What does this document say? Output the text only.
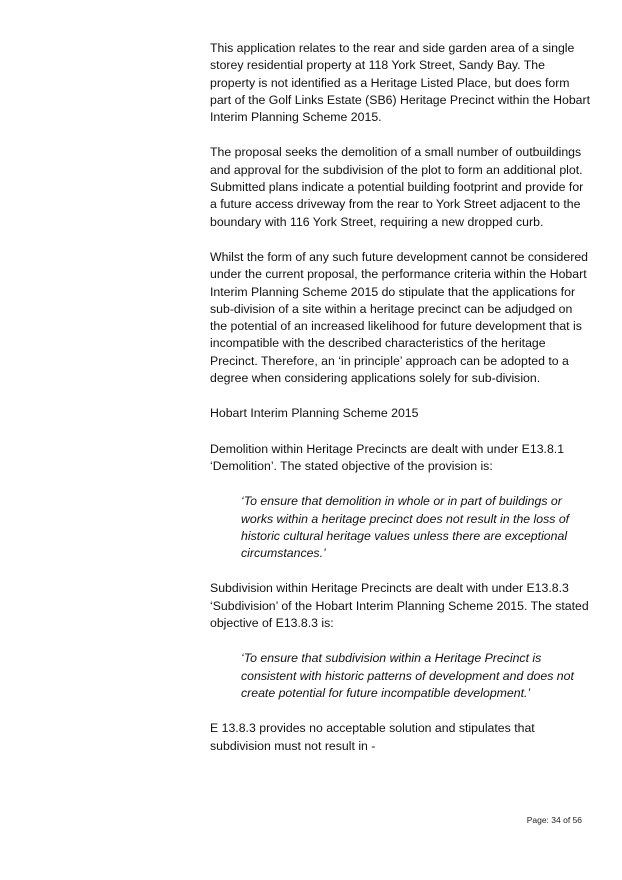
This application relates to the rear and side garden area of a single storey residential property at 118 York Street, Sandy Bay. The property is not identified as a Heritage Listed Place, but does form part of the Golf Links Estate (SB6) Heritage Precinct within the Hobart Interim Planning Scheme 2015.

The proposal seeks the demolition of a small number of outbuildings and approval for the subdivision of the plot to form an additional plot. Submitted plans indicate a potential building footprint and provide for a future access driveway from the rear to York Street adjacent to the boundary with 116 York Street, requiring a new dropped curb.

Whilst the form of any such future development cannot be considered under the current proposal, the performance criteria within the Hobart Interim Planning Scheme 2015 do stipulate that the applications for sub-division of a site within a heritage precinct can be adjudged on the potential of an increased likelihood for future development that is incompatible with the described characteristics of the heritage Precinct. Therefore, an ‘in principle’ approach can be adopted to a degree when considering applications solely for sub-division.

Hobart Interim Planning Scheme 2015

Demolition within Heritage Precincts are dealt with under E13.8.1 ‘Demolition’. The stated objective of the provision is:

‘To ensure that demolition in whole or in part of buildings or works within a heritage precinct does not result in the loss of historic cultural heritage values unless there are exceptional circumstances.’

Subdivision within Heritage Precincts are dealt with under E13.8.3 ‘Subdivision’ of the Hobart Interim Planning Scheme 2015. The stated objective of E13.8.3 is:

‘To ensure that subdivision within a Heritage Precinct is consistent with historic patterns of development and does not create potential for future incompatible development.’

E 13.8.3 provides no acceptable solution and stipulates that subdivision must not result in -

Page: 34 of 56
